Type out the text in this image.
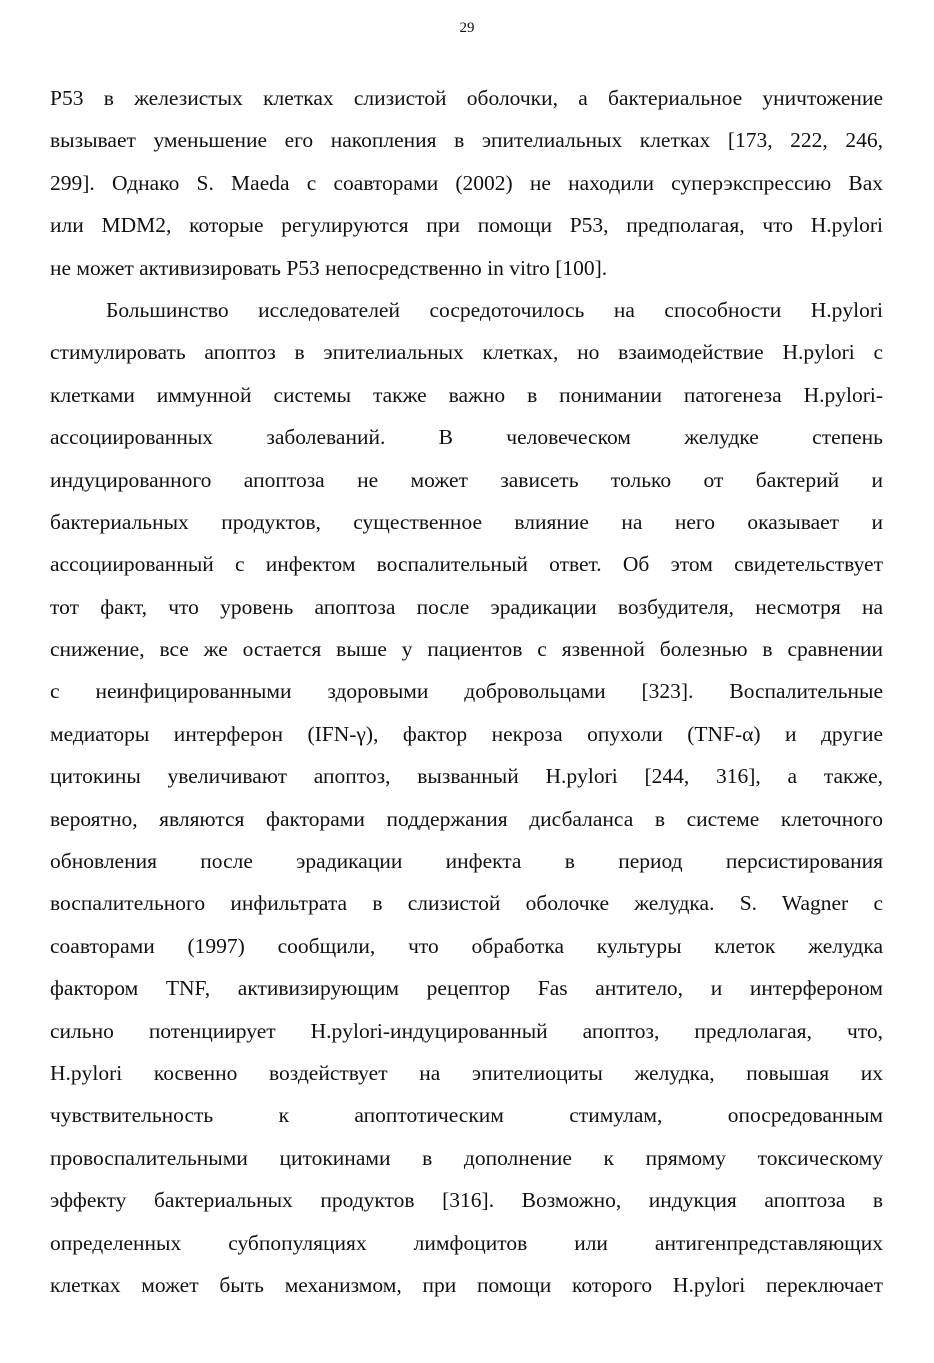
29
Р53 в железистых клетках слизистой оболочки, а бактериальное уничтожение
вызывает уменьшение его накопления в эпителиальных клетках [173, 222, 246,
299]. Однако S. Maeda с соавторами (2002) не находили суперэкспрессию Bax
или MDM2, которые регулируются при помощи Р53, предполагая, что H.pylori
не может активизировать Р53 непосредственно in vitro [100].
Большинство исследователей сосредоточилось на способности H.pylori
стимулировать апоптоз в эпителиальных клетках, но взаимодействие H.pylori с
клетками иммунной системы также важно в понимании патогенеза H.pylori-
ассоциированных заболеваний. В человеческом желудке степень
индуцированного апоптоза не может зависеть только от бактерий и
бактериальных продуктов, существенное влияние на него оказывает и
ассоциированный с инфектом воспалительный ответ. Об этом свидетельствует
тот факт, что уровень апоптоза после эрадикации возбудителя, несмотря на
снижение, все же остается выше у пациентов с язвенной болезнью в сравнении
с неинфицированными здоровыми добровольцами [323]. Воспалительные
медиаторы интерферон (IFN-γ), фактор некроза опухоли (TNF-α) и другие
цитокины увеличивают апоптоз, вызванный H.pylori [244, 316], а также,
вероятно, являются факторами поддержания дисбаланса в системе клеточного
обновления после эрадикации инфекта в период персистирования
воспалительного инфильтрата в слизистой оболочке желудка. S. Wagner с
соавторами (1997) сообщили, что обработка культуры клеток желудка
фактором TNF, активизирующим рецептор Fas антитело, и интерфероном
сильно потенциирует H.pylori-индуцированный апоптоз, предлолагая, что,
H.pylori косвенно воздействует на эпителиоциты желудка, повышая их
чувствительность к апоптотическим стимулам, опосредованным
провоспалительными цитокинами в дополнение к прямому токсическому
эффекту бактериальных продуктов [316]. Возможно, индукция апоптоза в
определенных субпопуляциях лимфоцитов или антигенпредставляющих
клетках может быть механизмом, при помощи которого H.pylori переключает
